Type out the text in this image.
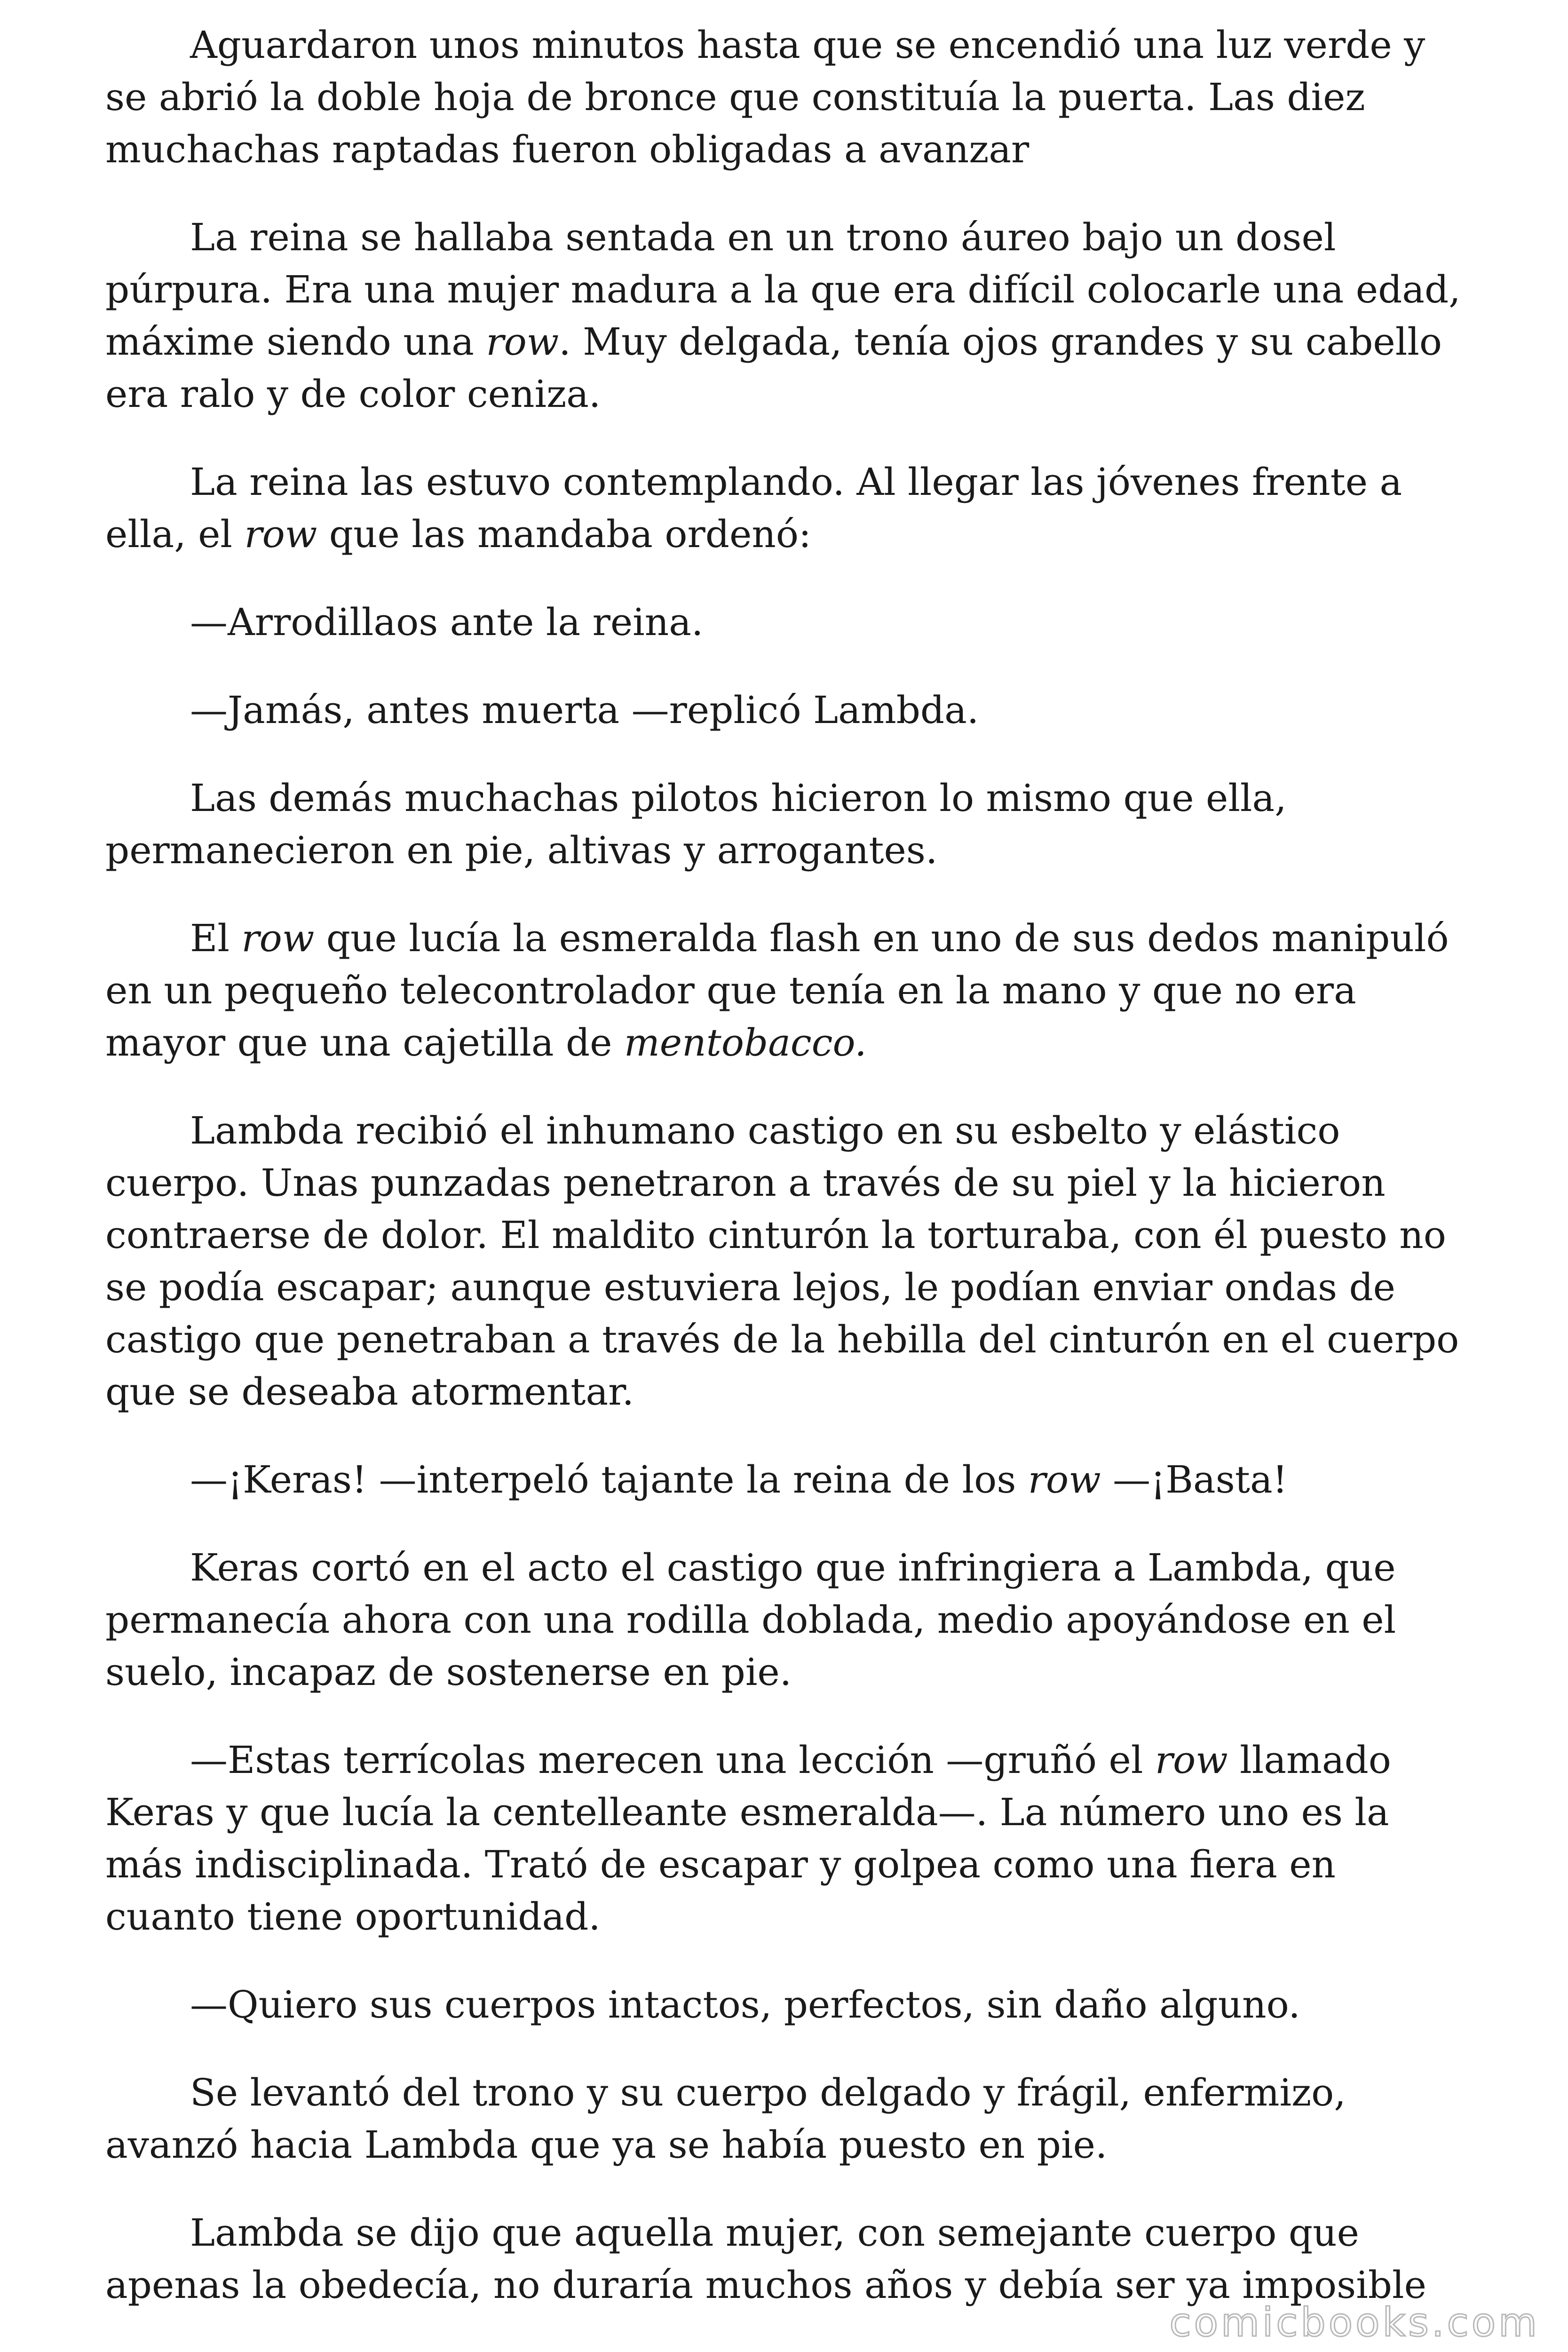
Aguardaron unos minutos hasta que se encendió una luz verde y se abrió la doble hoja de bronce que constituía la puerta. Las diez muchachas raptadas fueron obligadas a avanzar

La reina se hallaba sentada en un trono áureo bajo un dosel púrpura. Era una mujer madura a la que era difícil colocarle una edad, máxime siendo una row. Muy delgada, tenía ojos grandes y su cabello era ralo y de color ceniza.

La reina las estuvo contemplando. Al llegar las jóvenes frente a ella, el row que las mandaba ordenó:

—Arrodillaos ante la reina.

—Jamás, antes muerta —replicó Lambda.

Las demás muchachas pilotos hicieron lo mismo que ella, permanecieron en pie, altivas y arrogantes.

El row que lucía la esmeralda flash en uno de sus dedos manipuló en un pequeño telecontrolador que tenía en la mano y que no era mayor que una cajetilla de mentobacco.

Lambda recibió el inhumano castigo en su esbelto y elástico cuerpo. Unas punzadas penetraron a través de su piel y la hicieron contraerse de dolor. El maldito cinturón la torturaba, con él puesto no se podía escapar; aunque estuviera lejos, le podían enviar ondas de castigo que penetraban a través de la hebilla del cinturón en el cuerpo que se deseaba atormentar.

—¡Keras! —interpeló tajante la reina de los row —¡Basta!

Keras cortó en el acto el castigo que infringiera a Lambda, que permanecía ahora con una rodilla doblada, medio apoyándose en el suelo, incapaz de sostenerse en pie.

—Estas terrícolas merecen una lección —gruñó el row llamado Keras y que lucía la centelleante esmeralda—. La número uno es la más indisciplinada. Trató de escapar y golpea como una fiera en cuanto tiene oportunidad.

—Quiero sus cuerpos intactos, perfectos, sin daño alguno.

Se levantó del trono y su cuerpo delgado y frágil, enfermizo, avanzó hacia Lambda que ya se había puesto en pie.

Lambda se dijo que aquella mujer, con semejante cuerpo que apenas la obedecía, no duraría muchos años y debía ser ya imposible

comicbooks.com
